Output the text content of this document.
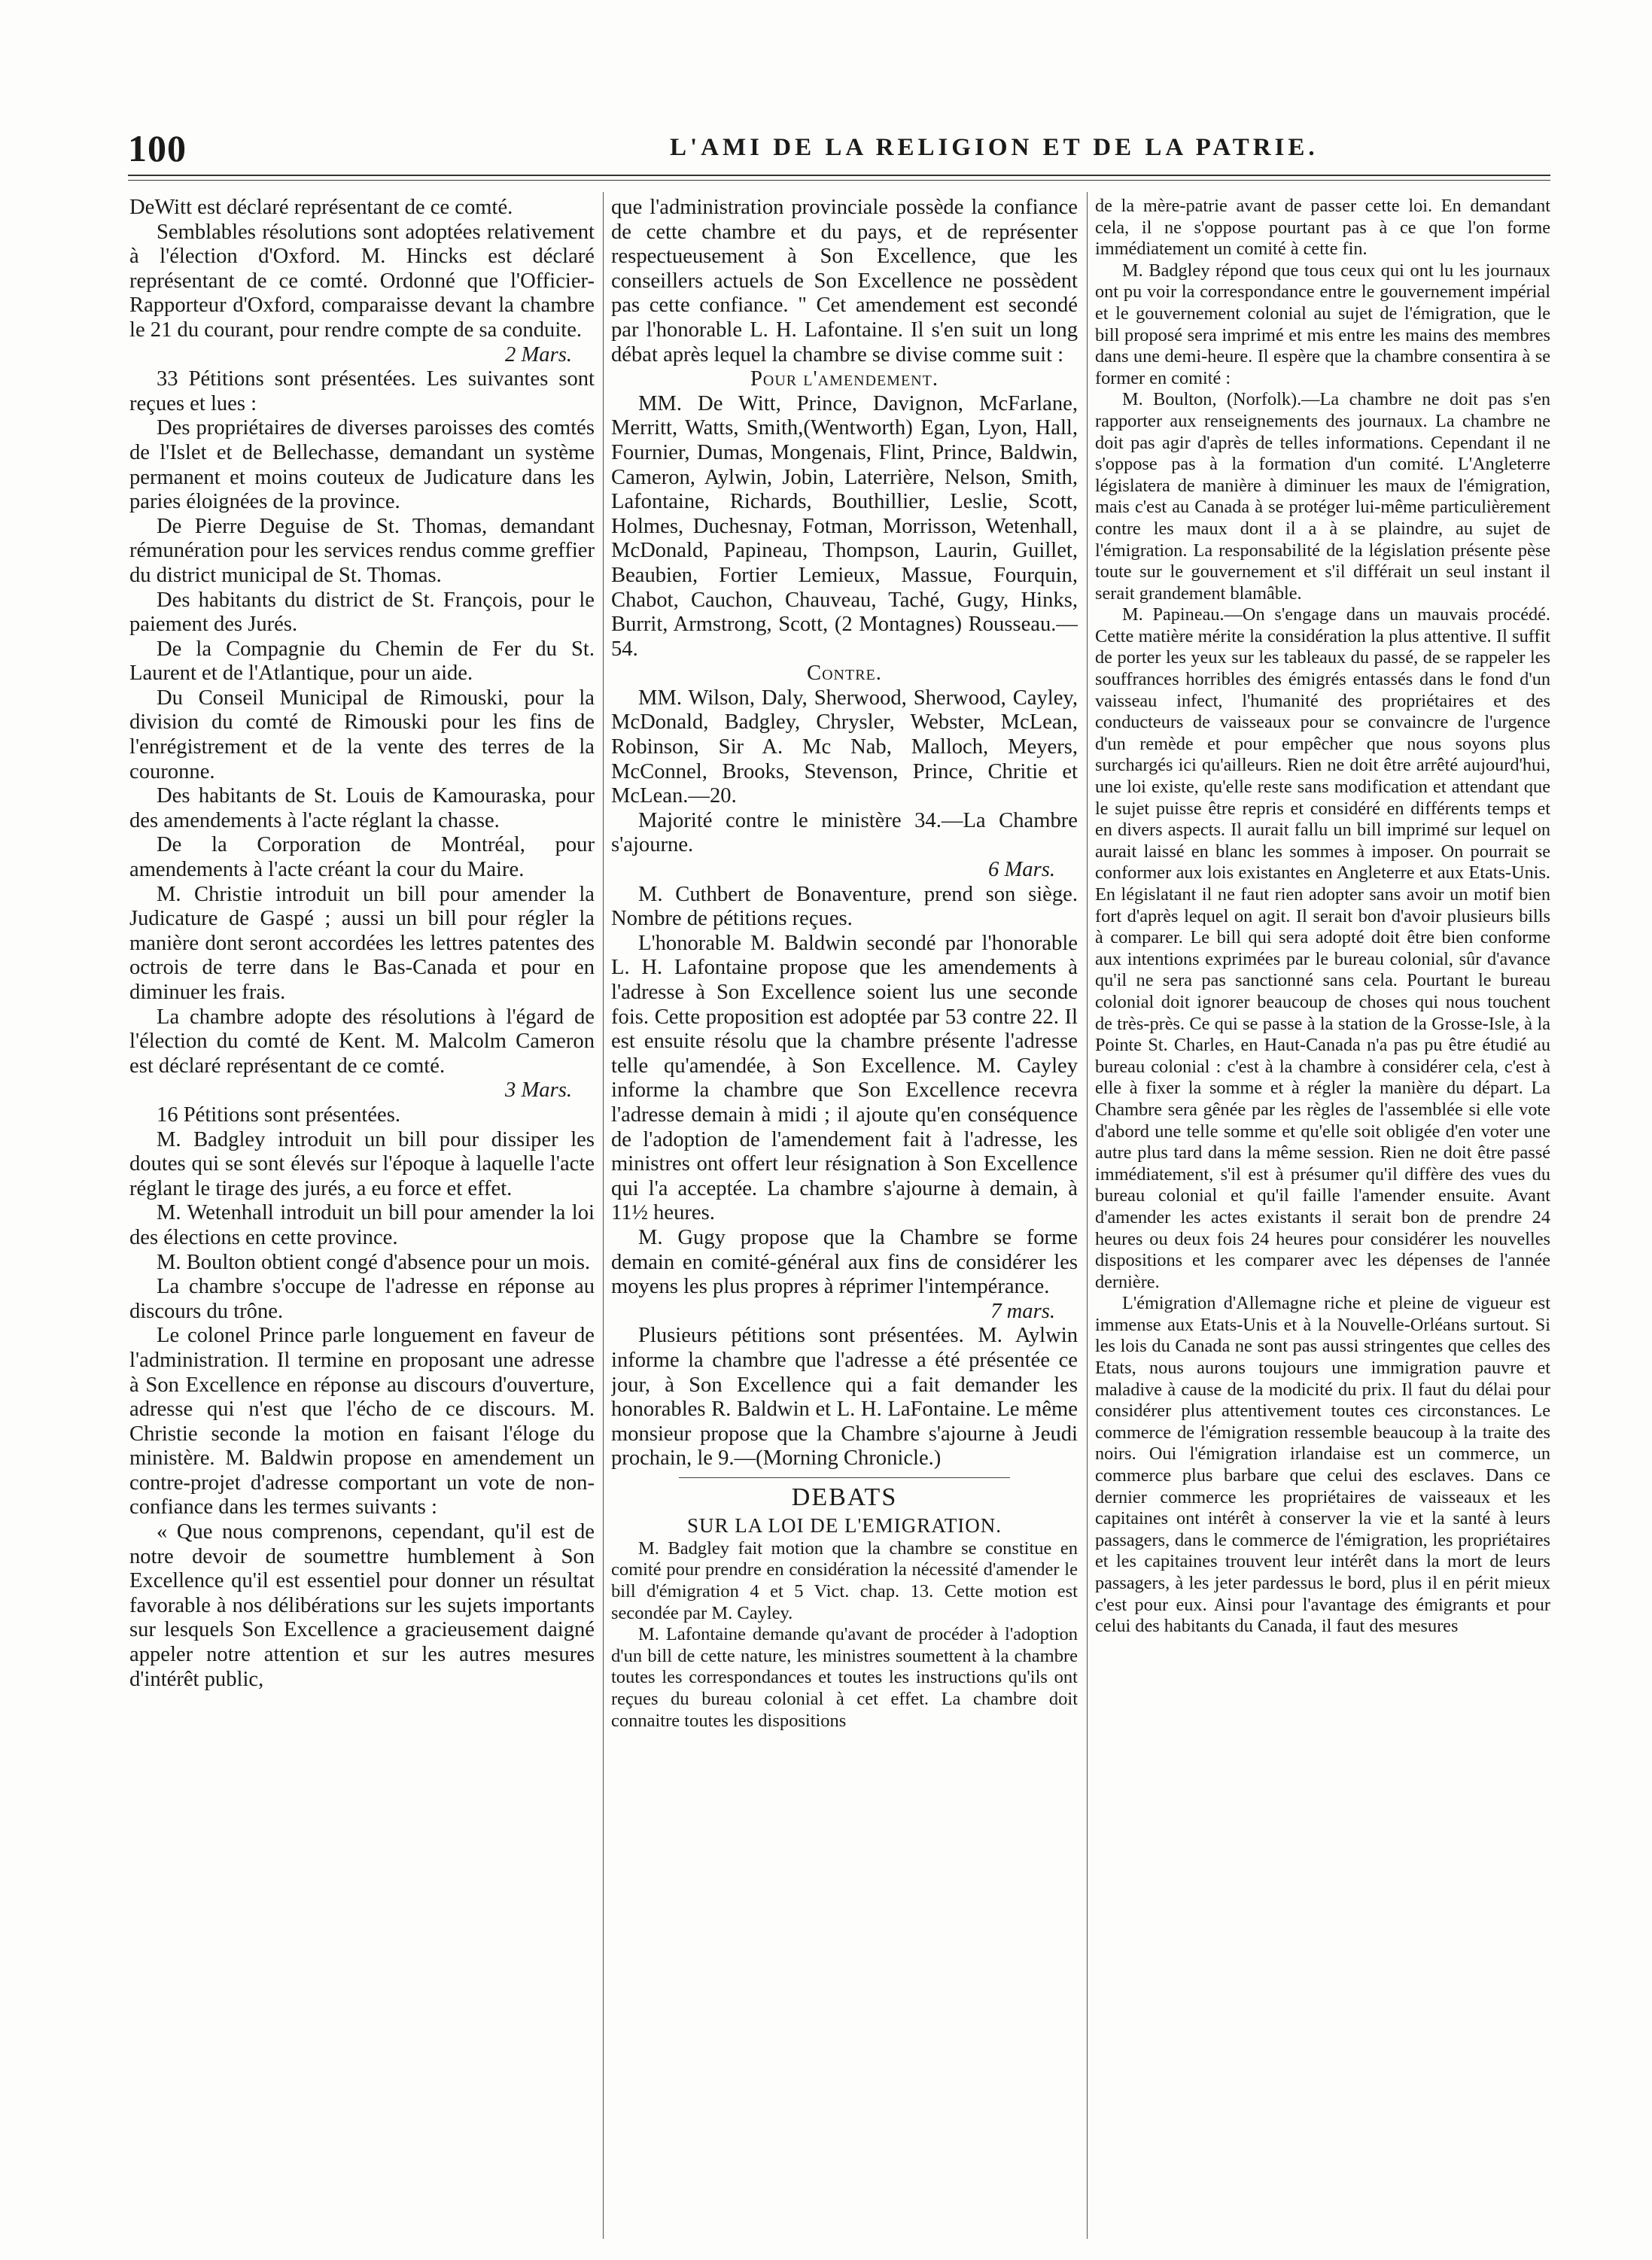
100	L'AMI DE LA RELIGION ET DE LA PATRIE.

DeWitt est déclaré représentant de ce comté.

Semblables résolutions sont adoptées relativement à l'élection d'Oxford. M. Hincks est déclaré représentant de ce comté. Ordonné que l'Officier-Rapporteur d'Oxford, comparaisse devant la chambre le 21 du courant, pour rendre compte de sa conduite.

2 Mars.

33 Pétitions sont présentées. Les suivantes sont reçues et lues :

Des propriétaires de diverses paroisses des comtés de l'Islet et de Bellechasse, demandant un système permanent et moins couteux de Judicature dans les paries éloignées de la province.

De Pierre Deguise de St. Thomas, demandant rémunération pour les services rendus comme greffier du district municipal de St. Thomas.

Des habitants du district de St. François, pour le paiement des Jurés.

De la Compagnie du Chemin de Fer du St. Laurent et de l'Atlantique, pour un aide.

Du Conseil Municipal de Rimouski, pour la division du comté de Rimouski pour les fins de l'enrégistrement et de la vente des terres de la couronne.

Des habitants de St. Louis de Kamouraska, pour des amendements à l'acte réglant la chasse.

De la Corporation de Montréal, pour amendements à l'acte créant la cour du Maire.

M. Christie introduit un bill pour amender la Judicature de Gaspé ; aussi un bill pour régler la manière dont seront accordées les lettres patentes des octrois de terre dans le Bas-Canada et pour en diminuer les frais.

La chambre adopte des résolutions à l'égard de l'élection du comté de Kent. M. Malcolm Cameron est déclaré représentant de ce comté.

3 Mars.

16 Pétitions sont présentées.

M. Badgley introduit un bill pour dissiper les doutes qui se sont élevés sur l'époque à laquelle l'acte réglant le tirage des jurés, a eu force et effet.

M. Wetenhall introduit un bill pour amender la loi des élections en cette province.

M. Boulton obtient congé d'absence pour un mois.

La chambre s'occupe de l'adresse en réponse au discours du trône.

Le colonel Prince parle longuement en faveur de l'administration. Il termine en proposant une adresse à Son Excellence en réponse au discours d'ouverture, adresse qui n'est que l'écho de ce discours. M. Christie seconde la motion en faisant l'éloge du ministère. M. Baldwin propose en amendement un contre-projet d'adresse comportant un vote de non-confiance dans les termes suivants :

« Que nous comprenons, cependant, qu'il est de notre devoir de soumettre humblement à Son Excellence qu'il est essentiel pour donner un résultat favorable à nos délibérations sur les sujets importants sur lesquels Son Excellence a gracieusement daigné appeler notre attention et sur les autres mesures d'intérêt public,

que l'administration provinciale possède la confiance de cette chambre et du pays, et de représenter respectueusement à Son Excellence, que les conseillers actuels de Son Excellence ne possèdent pas cette confiance. " Cet amendement est secondé par l'honorable L. H. Lafontaine. Il s'en suit un long débat après lequel la chambre se divise comme suit :

Pour l'amendement.

MM. De Witt, Prince, Davignon, McFarlane, Merritt, Watts, Smith,(Wentworth) Egan, Lyon, Hall, Fournier, Dumas, Mongenais, Flint, Prince, Baldwin, Cameron, Aylwin, Jobin, Laterrière, Nelson, Smith, Lafontaine, Richards, Bouthillier, Leslie, Scott, Holmes, Duchesnay, Fotman, Morrisson, Wetenhall, McDonald, Papineau, Thompson, Laurin, Guillet, Beaubien, Fortier Lemieux, Massue, Fourquin, Chabot, Cauchon, Chauveau, Taché, Gugy, Hinks, Burrit, Armstrong, Scott, (2 Montagnes) Rousseau.—54.

Contre.

MM. Wilson, Daly, Sherwood, Sherwood, Cayley, McDonald, Badgley, Chrysler, Webster, McLean, Robinson, Sir A. Mc Nab, Malloch, Meyers, McConnel, Brooks, Stevenson, Prince, Chritie et McLean.—20.

Majorité contre le ministère 34.—La Chambre s'ajourne.

6 Mars.

M. Cuthbert de Bonaventure, prend son siège. Nombre de pétitions reçues.

L'honorable M. Baldwin secondé par l'honorable L. H. Lafontaine propose que les amendements à l'adresse à Son Excellence soient lus une seconde fois. Cette proposition est adoptée par 53 contre 22. Il est ensuite résolu que la chambre présente l'adresse telle qu'amendée, à Son Excellence. M. Cayley informe la chambre que Son Excellence recevra l'adresse demain à midi ; il ajoute qu'en conséquence de l'adoption de l'amendement fait à l'adresse, les ministres ont offert leur résignation à Son Excellence qui l'a acceptée. La chambre s'ajourne à demain, à 11½ heures.

M. Gugy propose que la Chambre se forme demain en comité-général aux fins de considérer les moyens les plus propres à réprimer l'intempérance.

7 mars.

Plusieurs pétitions sont présentées. M. Aylwin informe la chambre que l'adresse a été présentée ce jour, à Son Excellence qui a fait demander les honorables R. Baldwin et L. H. LaFontaine. Le même monsieur propose que la Chambre s'ajourne à Jeudi prochain, le 9.—(Morning Chronicle.)

DEBATS
SUR LA LOI DE L'EMIGRATION.

M. Badgley fait motion que la chambre se constitue en comité pour prendre en considération la nécessité d'amender le bill d'émigration 4 et 5 Vict. chap. 13. Cette motion est secondée par M. Cayley.

M. Lafontaine demande qu'avant de procéder à l'adoption d'un bill de cette nature, les ministres soumettent à la chambre toutes les correspondances et toutes les instructions qu'ils ont reçues du bureau colonial à cet effet. La chambre doit connaitre toutes les dispositions

de la mère-patrie avant de passer cette loi. En demandant cela, il ne s'oppose pourtant pas à ce que l'on forme immédiatement un comité à cette fin.

M. Badgley répond que tous ceux qui ont lu les journaux ont pu voir la correspondance entre le gouvernement impérial et le gouvernement colonial au sujet de l'émigration, que le bill proposé sera imprimé et mis entre les mains des membres dans une demi-heure. Il espère que la chambre consentira à se former en comité :

M. Boulton, (Norfolk).—La chambre ne doit pas s'en rapporter aux renseignements des journaux. La chambre ne doit pas agir d'après de telles informations. Cependant il ne s'oppose pas à la formation d'un comité. L'Angleterre législatera de manière à diminuer les maux de l'émigration, mais c'est au Canada à se protéger lui-même particulièrement contre les maux dont il a à se plaindre, au sujet de l'émigration. La responsabilité de la législation présente pèse toute sur le gouvernement et s'il différait un seul instant il serait grandement blamâble.

M. Papineau.—On s'engage dans un mauvais procédé. Cette matière mérite la considération la plus attentive. Il suffit de porter les yeux sur les tableaux du passé, de se rappeler les souffrances horribles des émigrés entassés dans le fond d'un vaisseau infect, l'humanité des propriétaires et des conducteurs de vaisseaux pour se convaincre de l'urgence d'un remède et pour empêcher que nous soyons plus surchargés ici qu'ailleurs. Rien ne doit être arrêté aujourd'hui, une loi existe, qu'elle reste sans modification et attendant que le sujet puisse être repris et considéré en différents temps et en divers aspects. Il aurait fallu un bill imprimé sur lequel on aurait laissé en blanc les sommes à imposer. On pourrait se conformer aux lois existantes en Angleterre et aux Etats-Unis. En législatant il ne faut rien adopter sans avoir un motif bien fort d'après lequel on agit. Il serait bon d'avoir plusieurs bills à comparer. Le bill qui sera adopté doit être bien conforme aux intentions exprimées par le bureau colonial, sûr d'avance qu'il ne sera pas sanctionné sans cela. Pourtant le bureau colonial doit ignorer beaucoup de choses qui nous touchent de très-près. Ce qui se passe à la station de la Grosse-Isle, à la Pointe St. Charles, en Haut-Canada n'a pas pu être étudié au bureau colonial : c'est à la chambre à considérer cela, c'est à elle à fixer la somme et à régler la manière du départ. La Chambre sera gênée par les règles de l'assemblée si elle vote d'abord une telle somme et qu'elle soit obligée d'en voter une autre plus tard dans la même session. Rien ne doit être passé immédiatement, s'il est à présumer qu'il diffère des vues du bureau colonial et qu'il faille l'amender ensuite. Avant d'amender les actes existants il serait bon de prendre 24 heures ou deux fois 24 heures pour considérer les nouvelles dispositions et les comparer avec les dépenses de l'année dernière.

L'émigration d'Allemagne riche et pleine de vigueur est immense aux Etats-Unis et à la Nouvelle-Orléans surtout. Si les lois du Canada ne sont pas aussi stringentes que celles des Etats, nous aurons toujours une immigration pauvre et maladive à cause de la modicité du prix. Il faut du délai pour considérer plus attentivement toutes ces circonstances. Le commerce de l'émigration ressemble beaucoup à la traite des noirs. Oui l'émigration irlandaise est un commerce, un commerce plus barbare que celui des esclaves. Dans ce dernier commerce les propriétaires de vaisseaux et les capitaines ont intérêt à conserver la vie et la santé à leurs passagers, dans le commerce de l'émigration, les propriétaires et les capitaines trouvent leur intérêt dans la mort de leurs passagers, à les jeter pardessus le bord, plus il en périt mieux c'est pour eux. Ainsi pour l'avantage des émigrants et pour celui des habitants du Canada, il faut des mesures
